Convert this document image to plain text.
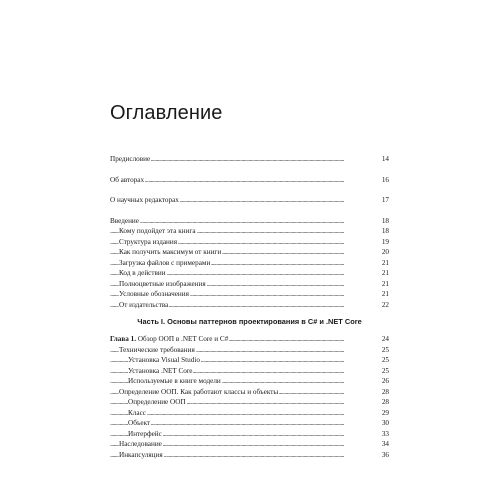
Оглавление
Предисловие	14
. . .
Об авторах	16
. . .
О научных редакторах	17
. . .
Введение	18
. . .
Кому подойдет эта книга	18
. . .
Структура издания	19
. . .
Как получить максимум от книги	20
. . .
Загрузка файлов с примерами	21
. . .
Код в действии	21
. . .
Полноцветные изображения	21
. . .
Условные обозначения	21
. . .
От издательства	22
. . .
Часть I. Основы паттернов проектирования в C# и .NET Core
Глава 1. Обзор ООП в .NET Core и C#	24
. . .
Технические требования	25
. . .
Установка Visual Studio	25
. . .
Установка .NET Core	25
. . .
Используемые в книге модели	26
. . .
Определение ООП. Как работают классы и объекты	28
. . .
Определение ООП	28
. . .
Класс	29
. . .
Объект	30
. . .
Интерфейс	33
. . .
Наследование	34
. . .
Инкапсуляция	36
. . .
